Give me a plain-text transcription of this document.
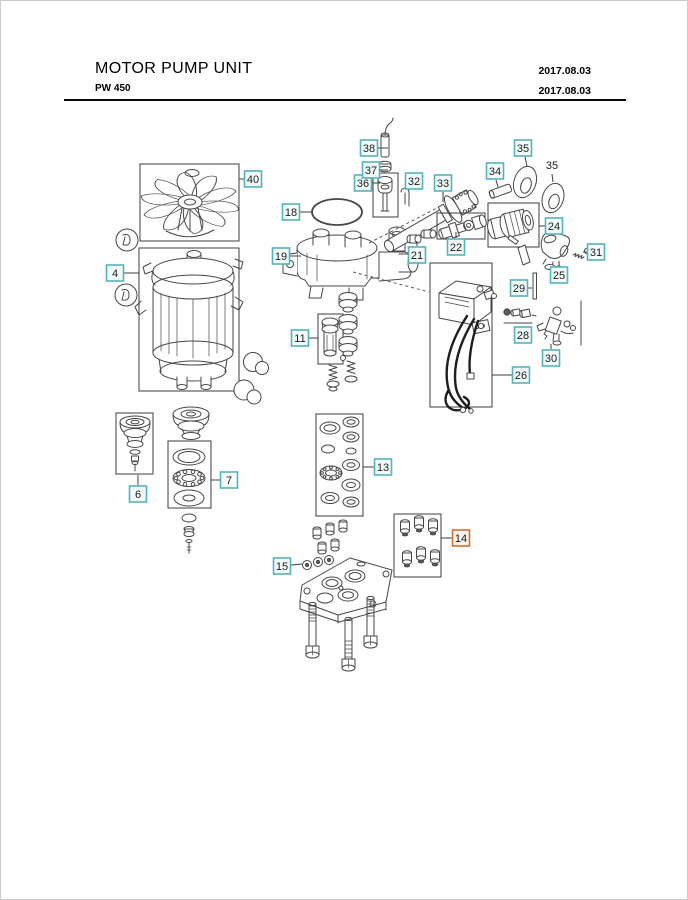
MOTOR PUMP UNIT
PW 450
2017.08.03
2017.08.03
40
4
6
7
11
13
14
15
18
19	21
22
24
25
26
28
29
30
31
32 33
34
35
35
36
37
38
